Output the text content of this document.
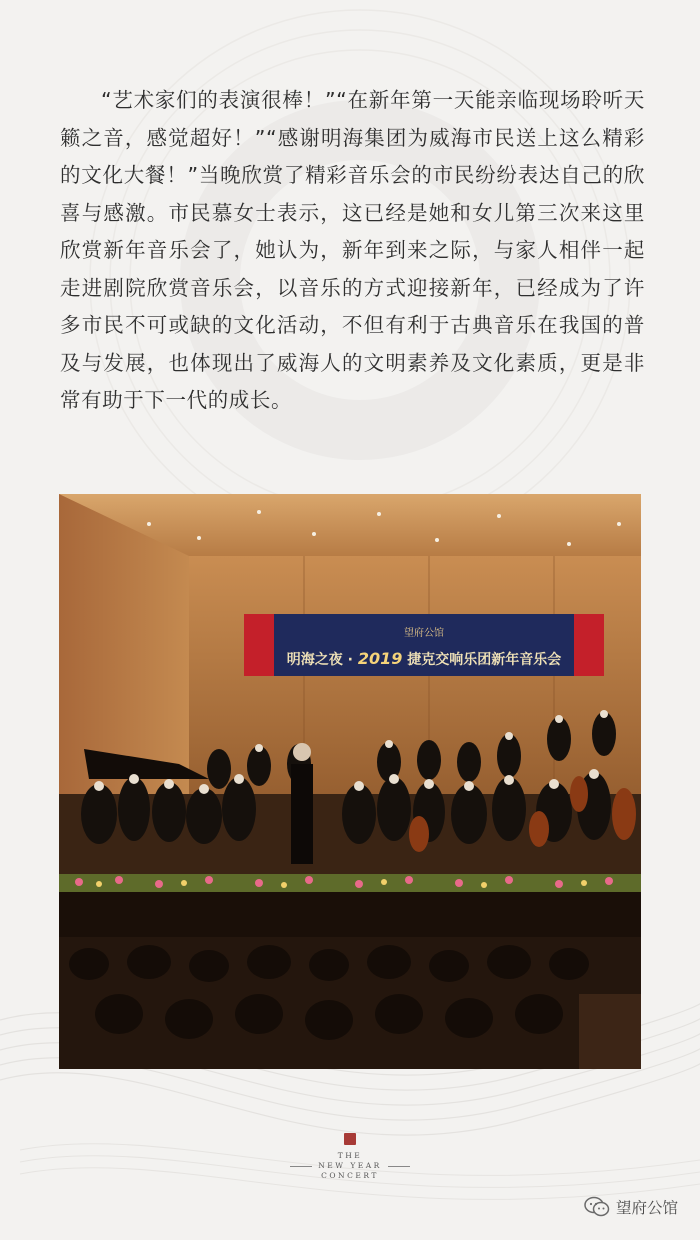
“艺术家们的表演很棒！”“在新年第一天能亲临现场聆听天籁之音，感觉超好！”“感谢明海集团为威海市民送上这么精彩的文化大餐！”当晚欣赏了精彩音乐会的市民纷纷表达自己的欣喜与感激。市民慕女士表示，这已经是她和女儿第三次来这里欣赏新年音乐会了，她认为，新年到来之际，与家人相伴一起走进剧院欣赏音乐会，以音乐的方式迎接新年，已经成为了许多市民不可或缺的文化活动，不但有利于古典音乐在我国的普及与发展，也体现出了威海人的文明素养及文化素质，更是非常有助于下一代的成长。

望府公馆
明海之夜 · 2019 捷克交响乐团新年音乐会
THE
NEW YEAR
CONCERT
望府公馆
